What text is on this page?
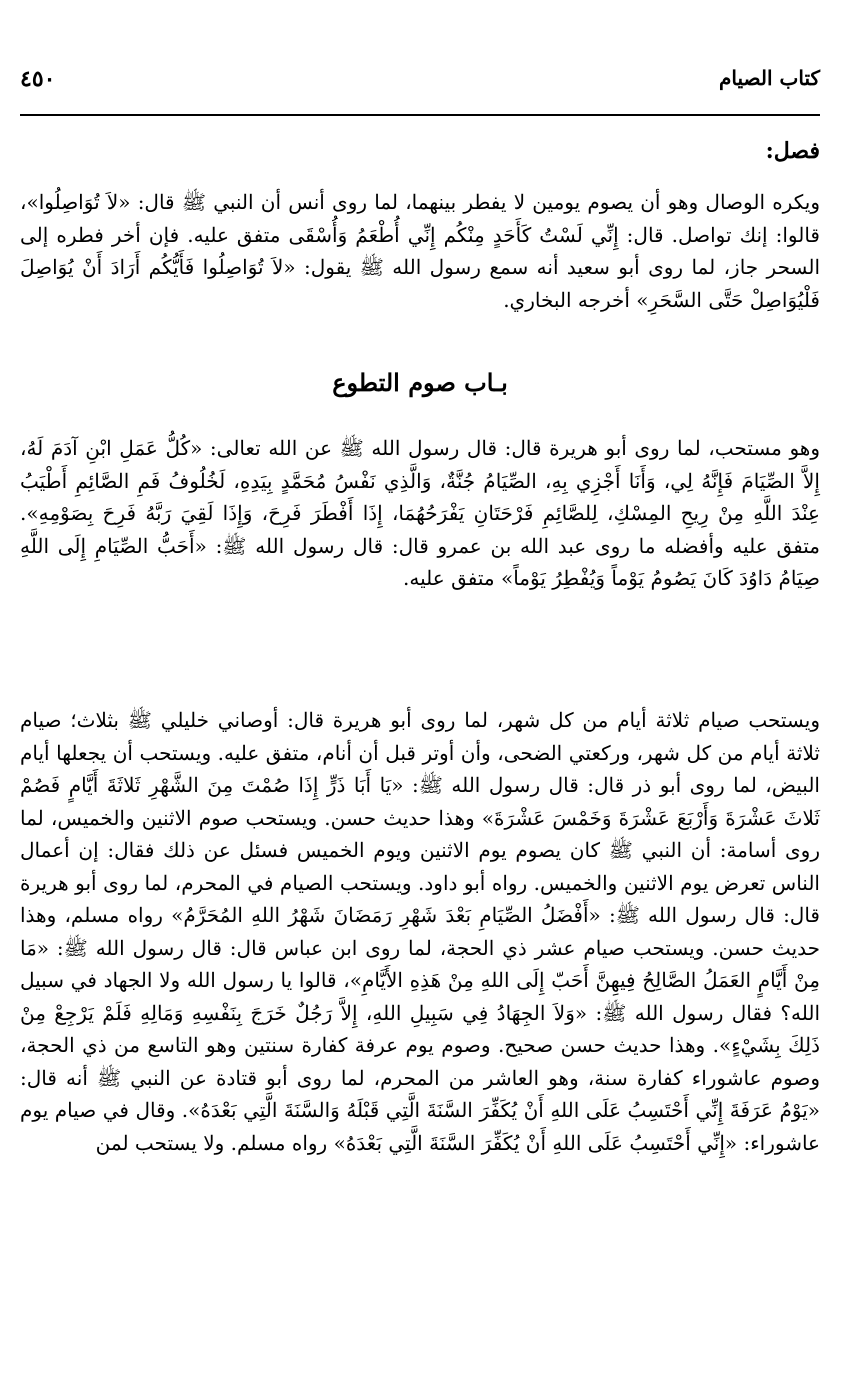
كتاب الصيام
٤٥٠
فصل:

ويكره الوصال وهو أن يصوم يومين لا يفطر بينهما، لما روى أنس أن النبي ﷺ قال: «لاَ تُوَاصِلُوا»، قالوا: إنك تواصل. قال: إِنِّي لَسْتُ كَأَحَدٍ مِنْكُم إِنِّي أُطْعَمُ وَأُسْقَى متفق عليه. فإن أخر فطره إلى السحر جاز، لما روى أبو سعيد أنه سمع رسول الله ﷺ يقول: «لاَ تُوَاصِلُوا فَأَيُّكُم أَرَادَ أَنْ يُوَاصِلَ فَلْيُوَاصِلْ حَتَّى السَّحَرِ» أخرجه البخاري.

بـاب صوم التطوع

وهو مستحب، لما روى أبو هريرة قال: قال رسول الله ﷺ عن الله تعالى: «كُلُّ عَمَلِ ابْنِ آدَمَ لَهُ، إِلاَّ الصِّيَامَ فَإِنَّهُ لِي، وَأَنَا أَجْزِي بِهِ، الصِّيَامُ جُنَّةٌ، وَالَّذِي نَفْسُ مُحَمَّدٍ بِيَدِهِ، لَخُلُوفُ فَمِ الصَّائِمِ أَطْيَبُ عِنْدَ اللَّهِ مِنْ رِيحِ المِسْكِ، لِلصَّائِمِ فَرْحَتَانِ يَفْرَحُهُمَا، إِذَا أَفْطَرَ فَرِحَ، وَإِذَا لَقِيَ رَبَّهُ فَرِحَ بِصَوْمِهِ». متفق عليه وأفضله ما روى عبد الله بن عمرو قال: قال رسول الله ﷺ: «أَحَبُّ الصِّيَامِ إِلَى اللَّهِ صِيَامُ دَاوُدَ كَانَ يَصُومُ يَوْماً وَيُفْطِرُ يَوْماً» متفق عليه.

ويستحب صيام ثلاثة أيام من كل شهر، لما روى أبو هريرة قال: أوصاني خليلي ﷺ بثلاث؛ صيام ثلاثة أيام من كل شهر، وركعتي الضحى، وأن أوتر قبل أن أنام، متفق عليه. ويستحب أن يجعلها أيام البيض، لما روى أبو ذر قال: قال رسول الله ﷺ: «يَا أَبَا ذَرٍّ إِذَا صُمْتَ مِنَ الشَّهْرِ ثَلاثَةَ أَيَّامٍ فَصُمْ ثَلاثَ عَشْرَةَ وَأَرْبَعَ عَشْرَةَ وَخَمْسَ عَشْرَةَ» وهذا حديث حسن. ويستحب صوم الاثنين والخميس، لما روى أسامة: أن النبي ﷺ كان يصوم يوم الاثنين ويوم الخميس فسئل عن ذلك فقال: إن أعمال الناس تعرض يوم الاثنين والخميس. رواه أبو داود. ويستحب الصيام في المحرم، لما روى أبو هريرة قال: قال رسول الله ﷺ: «أَفْضَلُ الصِّيَامِ بَعْدَ شَهْرِ رَمَضَانَ شَهْرُ اللهِ المُحَرَّمُ» رواه مسلم، وهذا حديث حسن. ويستحب صيام عشر ذي الحجة، لما روى ابن عباس قال: قال رسول الله ﷺ: «مَا مِنْ أَيَّامٍ العَمَلُ الصَّالِحُ فِيهِنَّ أَحَبّ إِلَى اللهِ مِنْ هَذِهِ الأَيَّامِ»، قالوا يا رسول الله ولا الجهاد في سبيل الله؟ فقال رسول الله ﷺ: «وَلاَ الجِهَادُ فِي سَبِيلِ اللهِ، إِلاَّ رَجُلٌ خَرَجَ بِنَفْسِهِ وَمَالِهِ فَلَمْ يَرْجِعْ مِنْ ذَلِكَ بِشَيْءٍ». وهذا حديث حسن صحيح. وصوم يوم عرفة كفارة سنتين وهو التاسع من ذي الحجة، وصوم عاشوراء كفارة سنة، وهو العاشر من المحرم، لما روى أبو قتادة عن النبي ﷺ أنه قال: «يَوْمُ عَرَفَةَ إِنِّي أَحْتَسِبُ عَلَى اللهِ أَنْ يُكَفِّرَ السَّنَةَ الَّتِي قَبْلَهُ وَالسَّنَةَ الَّتِي بَعْدَهُ». وقال في صيام يوم عاشوراء: «إِنِّي أَحْتَسِبُ عَلَى اللهِ أَنْ يُكَفِّرَ السَّنَةَ الَّتِي بَعْدَهُ» رواه مسلم. ولا يستحب لمن
